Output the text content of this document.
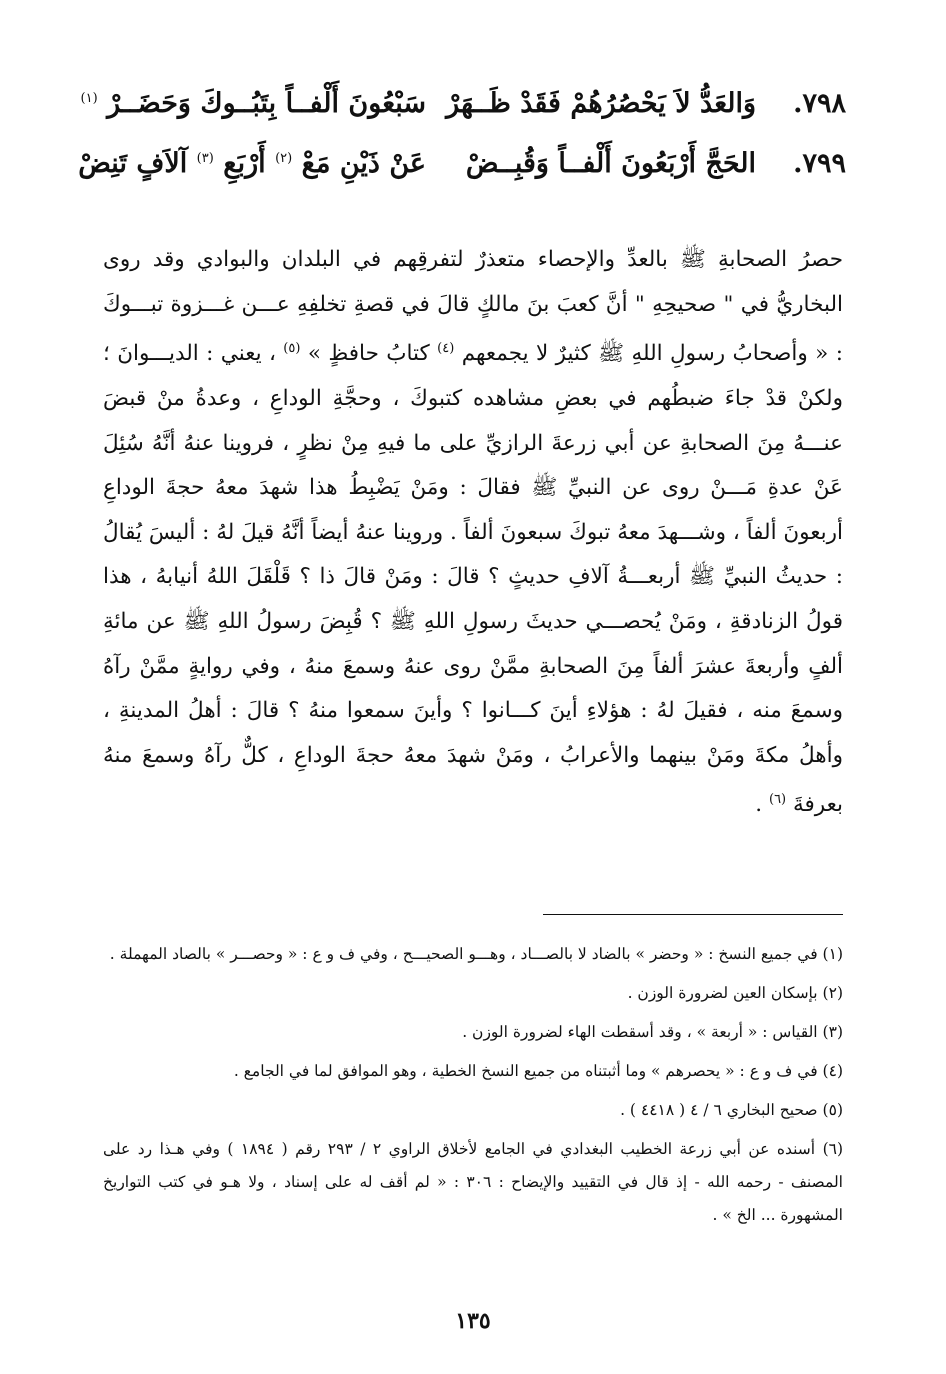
٧٩٨.
وَالعَدُّ لاَ يَحْصُرُهُمْ فَقَدْ ظَــهَرْ
سَبْعُونَ أَلْفــاً بِتَبُــوكَ وَحَضَــرْ $^{(١)}$
٧٩٩.
الحَجَّ أَرْبَعُونَ أَلْفــاً وَقُبِــضْ
عَنْ ذَيْنِ مَعْ $^{(٢)}$ أَرْبَعِ $^{(٣)}$ آلاَفٍ تَنِضْ

حصرُ الصحابةِ ﷺ بالعدِّ والإحصاء متعذرٌ لتفرقِهم في البلدان والبوادي وقد روى البخاريُّ في " صحيحِهِ " أنَّ كعبَ بنَ مالكٍ قالَ في قصةِ تخلفِهِ عـــن غـــزوة تبـــوكَ : « وأصحابُ رسولِ اللهِ ﷺ كثيرٌ لا يجمعهم $^{(٤)}$ كتابُ حافظٍ » $^{(٥)}$ ، يعني : الديـــوانَ ؛ ولكنْ قدْ جاءَ ضبطُهم في بعضِ مشاهده كتبوكَ ، وحجَّةِ الوداعِ ، وعدةُ منْ قبضَ عنـــهُ مِنَ الصحابةِ عن أبي زرعةَ الرازيِّ على ما فيهِ مِنْ نظرٍ ، فروينا عنهُ أنَّهُ سُئِلَ عَنْ عدةِ مَـــنْ روى عن النبيِّ ﷺ فقالَ : ومَنْ يَضْبِطُ هذا شهدَ معهُ حجةَ الوداعِ أربعونَ ألفاً ، وشـــهدَ معهُ تبوكَ سبعونَ ألفاً . وروينا عنهُ أيضاً أنَّهُ قيلَ لهُ : أليسَ يُقالُ : حديثُ النبيِّ ﷺ أربعـــةُ آلافِ حديثٍ ؟ قالَ : ومَنْ قالَ ذا ؟ قَلْقَلَ اللهُ أنيابهُ ، هذا قولُ الزنادقةِ ، ومَنْ يُحصـــي حديثَ رسولِ اللهِ ﷺ ؟ قُبِضَ رسولُ اللهِ ﷺ عن مائةِ ألفٍ وأربعةَ عشرَ ألفاً مِنَ الصحابةِ ممَّنْ روى عنهُ وسمعَ منهُ ، وفي روايةٍ ممَّنْ رآهُ وسمعَ منه ، فقيلَ لهُ : هؤلاءِ أينَ كـــانوا ؟ وأينَ سمعوا منهُ ؟ قالَ : أهلُ المدينةِ ، وأهلُ مكةَ ومَنْ بينهما والأعرابُ ، ومَنْ شهدَ معهُ حجةَ الوداعِ ، كلٌّ رآهُ وسمعَ منهُ بعرفةَ $^{(٦)}$ .

(١) في جميع النسخ : « وحضر » بالضاد لا بالصـــاد ، وهـــو الصحيـــح ، وفي ف و ع : « وحصـــر » بالصاد المهملة .

(٢) بإسكان العين لضرورة الوزن .

(٣) القياس : « أربعة » ، وقد أسقطت الهاء لضرورة الوزن .

(٤) في ف و ع : « يحصرهم » وما أثبتناه من جميع النسخ الخطية ، وهو الموافق لما في الجامع .

(٥) صحيح البخاري ٦ / ٤ ( ٤٤١٨ ) .

(٦) أسنده عن أبي زرعة الخطيب البغدادي في الجامع لأخلاق الراوي ٢ / ٢٩٣ رقم ( ١٨٩٤ ) وفي هـذا رد على المصنف - رحمه الله - إذ قال في التقييد والإيضاح : ٣٠٦ : « لم أقف له على إسناد ، ولا هـو في كتب التواريخ المشهورة ... الخ » .

١٣٥
